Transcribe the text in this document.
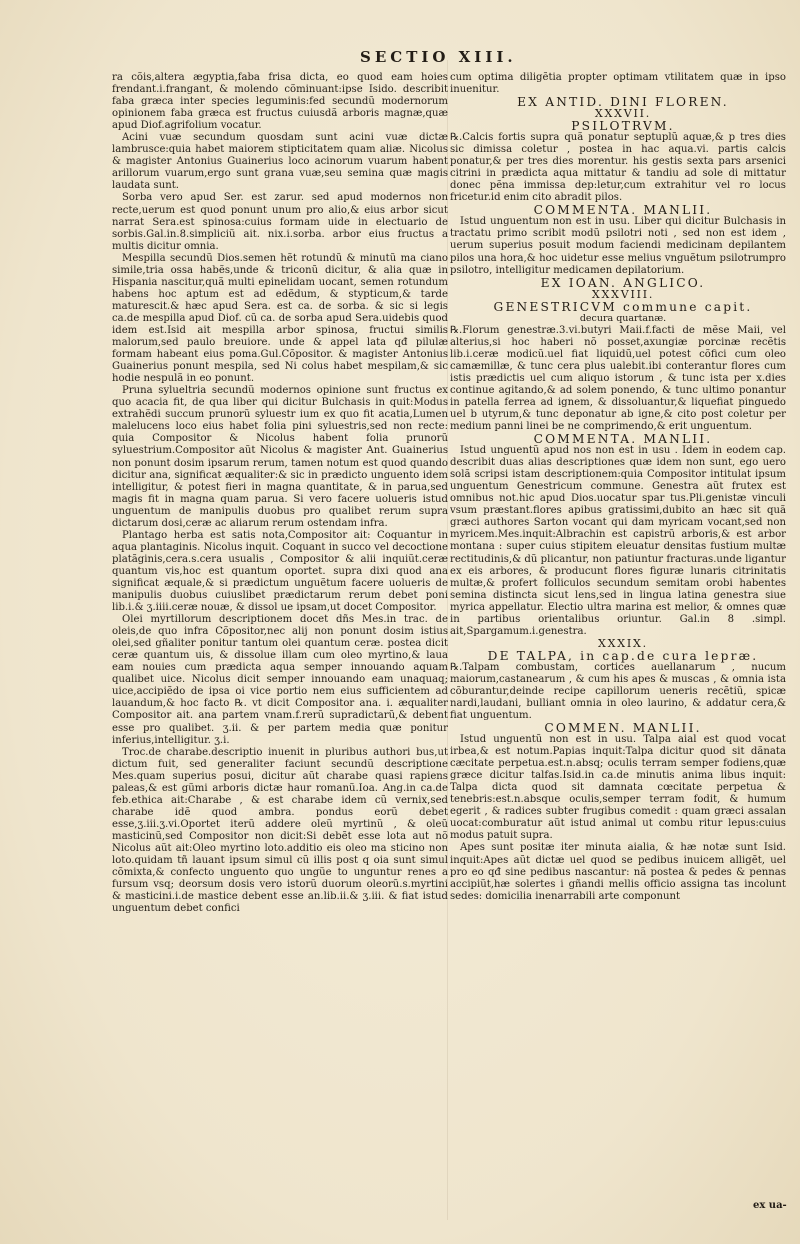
SECTIO XIII.

ra cõis,altera ægyptia,faba frisa dicta, eo quod eam hoies frendant.i.frangant, & molendo cõminuant:ipse Isido. describit faba græca inter species leguminis:fed secundũ modernorum opinionem faba græca est fructus cuiusdã arboris magnæ,quæ apud Diof.agrifolium vocatur.

Acini vuæ secundum quosdam sunt acini vuæ dictæ lambrusce:quia habet maiorem stipticitatem quam aliæ. Nicolus & magister Antonius Guainerius loco acinorum vuarum habent arillorum vuarum,ergo sunt grana vuæ,seu semina quæ magis laudata sunt.

Sorba vero apud Ser. est zarur. sed apud modernos non recte,uerum est quod ponunt unum pro alio,& eius arbor sicut narrat Sera.est spinosa:cuius formam uide in electuario de sorbis.Gal.in.8.simpliciũ ait. nix.i.sorba. arbor eius fructus a multis dicitur omnia.

Mespilla secundũ Dios.semen hẽt rotundũ & minutũ ma ciano simile,tria ossa habẽs,unde & triconũ dicitur, & alia quæ in Hispania nascitur,quã multi epinelidam uocant, semen rotundum habens hoc aptum est ad edẽdum, & stypticum,& tarde maturescit.& hæc apud Sera. est ca. de sorba. & sic si legis ca.de mespilla apud Diof. cũ ca. de sorba apud Sera.uidebis quod idem est.Isid ait mespilla arbor spinosa, fructui similis malorum,sed paulo breuiore. unde & appel lata qđ pilulæ formam habeant eius poma.Gul.Cõpositor. & magister Antonius Guainerius ponunt mespila, sed Ni colus habet mespilam,& sic hodie nespulã in eo ponunt.

Pruna sylueltria secundũ modernos opinione sunt fructus ex quo acacia fit, de qua liber qui dicitur Bulchasis in quit:Modus extrahẽdi succum prunorũ syluestr ium ex quo fit acatia,Lumen malelucens loco eius habet folia pini syluestris,sed non recte: quia Compositor & Nicolus habent folia prunorũ syluestrium.Compositor aũt Nicolus & magister Ant. Guainerius non ponunt dosim ipsarum rerum, tamen notum est quod quando dicitur ana, significat æqualiter:& sic in prædicto unguento idem intelligitur, & potest fieri in magna quantitate, & in parua,sed magis fit in magna quam parua. Si vero facere uolueris istud unguentum de manipulis duobus pro qualibet rerum supra dictarum dosi,ceræ ac aliarum rerum ostendam infra.

Plantago herba est satis nota,Compositor ait: Coquantur in aqua plantaginis. Nicolus inquit. Coquant in succo vel decoctione platãginis,cera.s.cera usualis , Compositor & alii inquiũt.ceræ quantum vis,hoc est quantum oportet. supra dixi quod ana significat æquale,& si prædictum unguẽtum facere uolueris de manipulis duobus cuiuslibet prædictarum rerum debet poni lib.i.& ʒ.iiii.ceræ nouæ, & dissol ue ipsam,ut docet Compositor.

Olei myrtillorum descriptionem docet dñs Mes.in trac. de oleis,de quo infra Cõpositor,nec alij non ponunt dosim istius olei,sed gñaliter ponitur tantum olei quantum ceræ. postea dicit ceræ quantum uis, & dissolue illam cum oleo myrtino,& laua eam nouies cum prædicta aqua semper innouando aquam qualibet uice. Nicolus dicit semper innouando eam unaquaq; uice,accipiẽdo de ipsa oi vice portio nem eius sufficientem ad lauandum,& hoc facto ℞. vt dicit Compositor ana. i. æqualiter Compositor ait. ana partem vnam.f.rerũ supradictarũ,& debent esse pro qualibet. ʒ.ii. & per partem media quæ ponitur inferius,intelligitur. ʒ.i.

Troc.de charabe.descriptio inuenit in pluribus authori bus,ut dictum fuit, sed generaliter faciunt secundũ descriptione Mes.quam superius posui, dicitur aũt charabe quasi rapiens paleas,& est gũmi arboris dictæ haur romanũ.Ioa. Ang.in ca.de feb.ethica ait:Charabe , & est charabe idem cũ vernix,sed charabe idẽ quod ambra. pondus eorũ debet esse,ʒ.iii.ʒ.vi.Oportet iterũ addere oleũ myrtinũ , & oleũ masticinũ,sed Compositor non dicit:Si debẽt esse lota aut nõ Nicolus aũt ait:Oleo myrtino loto.additio eis oleo ma sticino non loto.quidam tñ lauant ipsum simul cũ illis post q oia sunt simul cõmixta,& confecto unguento quo ungũe to unguntur renes a fursum vsq; deorsum dosis vero istorũ duorum oleorũ.s.myrtini & masticini.i.de mastice debent esse an.lib.ii.& ʒ.iii. & fiat istud unguentum debet confici

cum optima diligẽtia propter optimam vtilitatem quæ in ipso inuenitur.

EX ANTID. DINI FLOREN.

XXXVII.

PSILOTRVM.

℞.Calcis fortis supra quã ponatur septuplũ aquæ,& p tres dies sic dimissa coletur , postea in hac aqua.vi. partis calcis ponatur,& per tres dies morentur. his gestis sexta pars arsenici citrini in prædicta aqua mittatur & tandiu ad sole di mittatur donec pẽna immissa dep:letur,cum extrahitur vel ro locus fricetur.id enim cito abradit pilos.

COMMENTA. MANLII.

Istud unguentum non est in usu. Liber qui dicitur Bulchasis in tractatu primo scribit modũ psilotri noti , sed non est idem , uerum superius posuit modum faciendi medicinam depilantem pilos una hora,& hoc uidetur esse melius vnguẽtum psilotrumpro psilotro, intelligitur medicamen depilatorium.

EX IOAN. ANGLICO.

XXXVIII.

GENESTRICVM commune capit.

decura quartanæ.

℞.Florum genestræ.3.vi.butyri Maii.f.facti de mẽse Maii, vel alterius,si hoc haberi nõ posset,axungiæ porcinæ recẽtis lib.i.ceræ modicũ.uel fiat liquidũ,uel potest cõfici cum oleo camæmillæ, & tunc cera plus ualebit.ibi conterantur flores cum istis prædictis uel cum aliquo istorum , & tunc ista per x.dies continue agitando,& ad solem ponendo, & tunc ultimo ponantur in patella ferrea ad ignem, & dissoluantur,& liquefiat pinguedo uel b utyrum,& tunc deponatur ab igne,& cito post coletur per medium panni linei be ne comprimendo,& erit unguentum.

COMMENTA. MANLII.

Istud unguentũ apud nos non est in usu . Idem in eodem cap. describit duas alias descriptiones quæ idem non sunt, ego uero solã scripsi istam descriptionem:quia Compositor intitulat ipsum unguentum Genestricum commune. Genestra aũt frutex est omnibus not.hic apud Dios.uocatur spar tus.Pli.genistæ vinculi vsum præstant.flores apibus gratissimi,dubito an hæc sit quã græci authores Sarton vocant qui dam myricam vocant,sed non myricem.Mes.inquit:Albrachin est capistrũ arboris,& est arbor montana : super cuius stipitem eleuatur densitas fustium multæ rectitudinis,& dũ plicantur, non patiuntur fracturas.unde ligantur ex eis arbores, & producunt flores figuræ lunaris citrinitatis multæ,& profert folliculos secundum semitam orobi habentes semina distincta sicut lens,sed in lingua latina genestra siue myrica appellatur. Electio ultra marina est melior, & omnes quæ in partibus orientalibus oriuntur. Gal.in 8 .simpl. ait,Spargamum.i.genestra.

XXXIX.

DE TALPA, in cap.de cura lepræ.

℞.Talpam combustam, cortices auellanarum , nucum maiorum,castanearum , & cum his apes & muscas , & omnia ista cõburantur,deinde recipe capillorum ueneris recẽtiũ, spicæ nardi,laudani, bulliant omnia in oleo laurino, & addatur cera,& fiat unguentum.

COMMEN. MANLII.

Istud unguentũ non est in usu. Talpa aial est quod vocat irbea,& est notum.Papias inquit:Talpa dicitur quod sit dãnata cæcitate perpetua.est.n.absq; oculis terram semper fodiens,quæ græce dicitur talfas.Isid.in ca.de minutis anima libus inquit: Talpa dicta quod sit damnata cœcitate perpetua & tenebris:est.n.absque oculis,semper terram fodit, & humum egerit , & radices subter frugibus comedit : quam græci assalan uocat:comburatur aũt istud animal ut combu ritur lepus:cuius modus patuit supra.

Apes sunt positæ iter minuta aialia, & hæ notæ sunt Isid. inquit:Apes aũt dictæ uel quod se pedibus inuicem alligẽt, uel pro eo qđ sine pedibus nascantur: nã postea & pedes & pennas accipiũt,hæ solertes i gñandi mellis officio assigna tas incolunt sedes: domicilia inenarrabili arte componunt

ex ua-
